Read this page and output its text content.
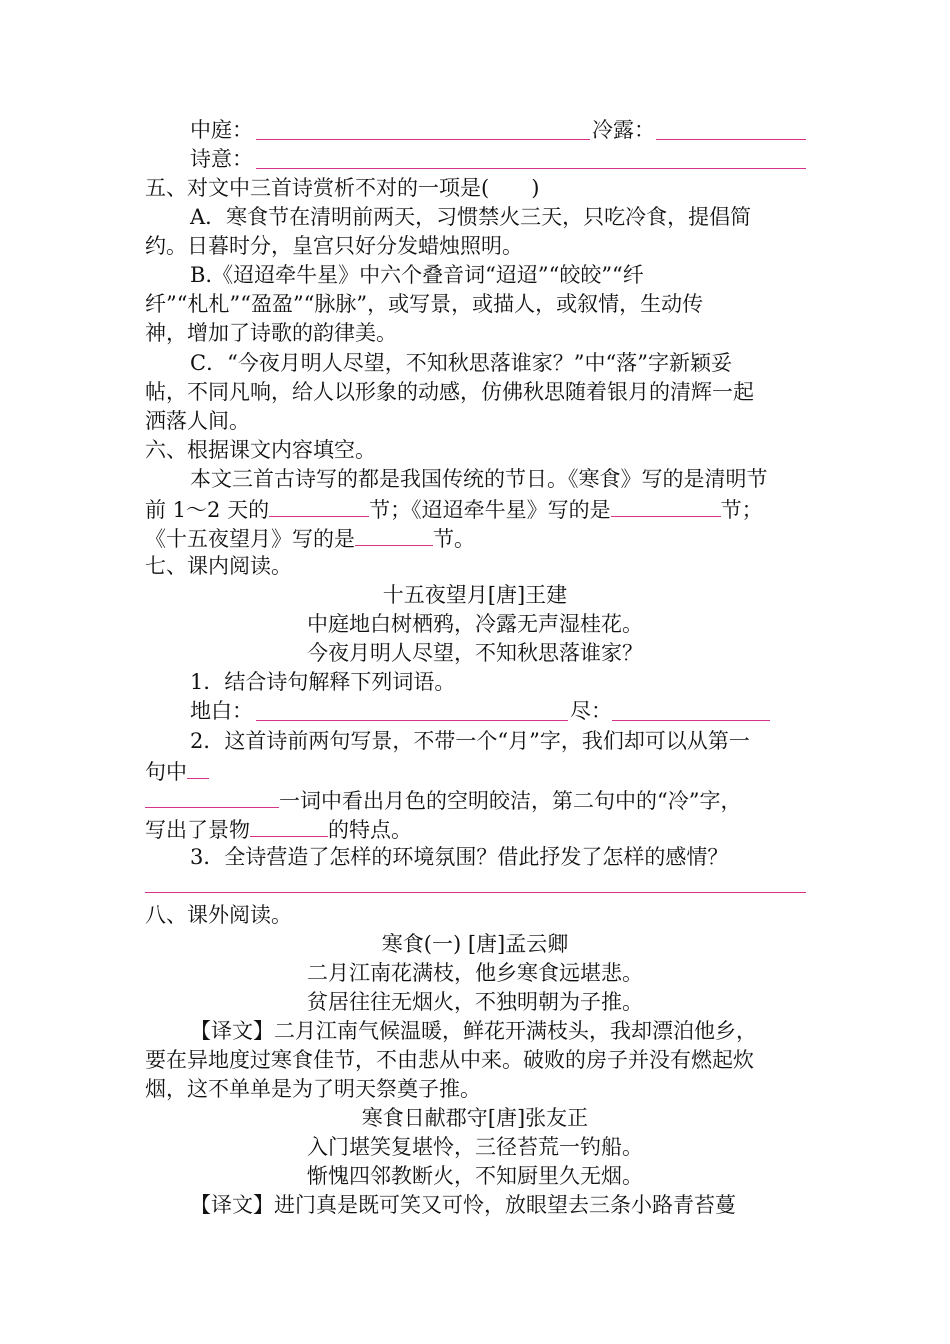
中庭：	冷露：
诗意：
五、对文中三首诗赏析不对的一项是(　　)
A．寒食节在清明前两天，习惯禁火三天，只吃冷食，提倡简
约。日暮时分，皇宫只好分发蜡烛照明。
B.《迢迢牵牛星》中六个叠音词“迢迢”“皎皎”“纤
纤”“札札”“盈盈”“脉脉”，或写景，或描人，或叙情，生动传
神，增加了诗歌的韵律美。
C．“今夜月明人尽望，不知秋思落谁家？”中“落”字新颖妥
帖，不同凡响，给人以形象的动感，仿佛秋思随着银月的清辉一起
洒落人间。
六、根据课文内容填空。
本文三首古诗写的都是我国传统的节日。《寒食》写的是清明节
前 1～2 天的	节；《迢迢牵牛星》写的是	节；
《十五夜望月》写的是	节。
七、课内阅读。
十五夜望月[唐]王建
中庭地白树栖鸦，冷露无声湿桂花。
今夜月明人尽望，不知秋思落谁家？
1．结合诗句解释下列词语。
地白：	尽：
2．这首诗前两句写景，不带一个“月”字，我们却可以从第一
句中
一词中看出月色的空明皎洁，第二句中的“冷”字，
写出了景物	的特点。
3．全诗营造了怎样的环境氛围？借此抒发了怎样的感情？
八、课外阅读。
寒食(一) [唐]孟云卿
二月江南花满枝，他乡寒食远堪悲。
贫居往往无烟火，不独明朝为子推。
【译文】二月江南气候温暖，鲜花开满枝头，我却漂泊他乡，
要在异地度过寒食佳节，不由悲从中来。破败的房子并没有燃起炊
烟，这不单单是为了明天祭奠子推。
寒食日献郡守[唐]张友正
入门堪笑复堪怜，三径苔荒一钓船。
惭愧四邻教断火，不知厨里久无烟。
【译文】进门真是既可笑又可怜，放眼望去三条小路青苔蔓
